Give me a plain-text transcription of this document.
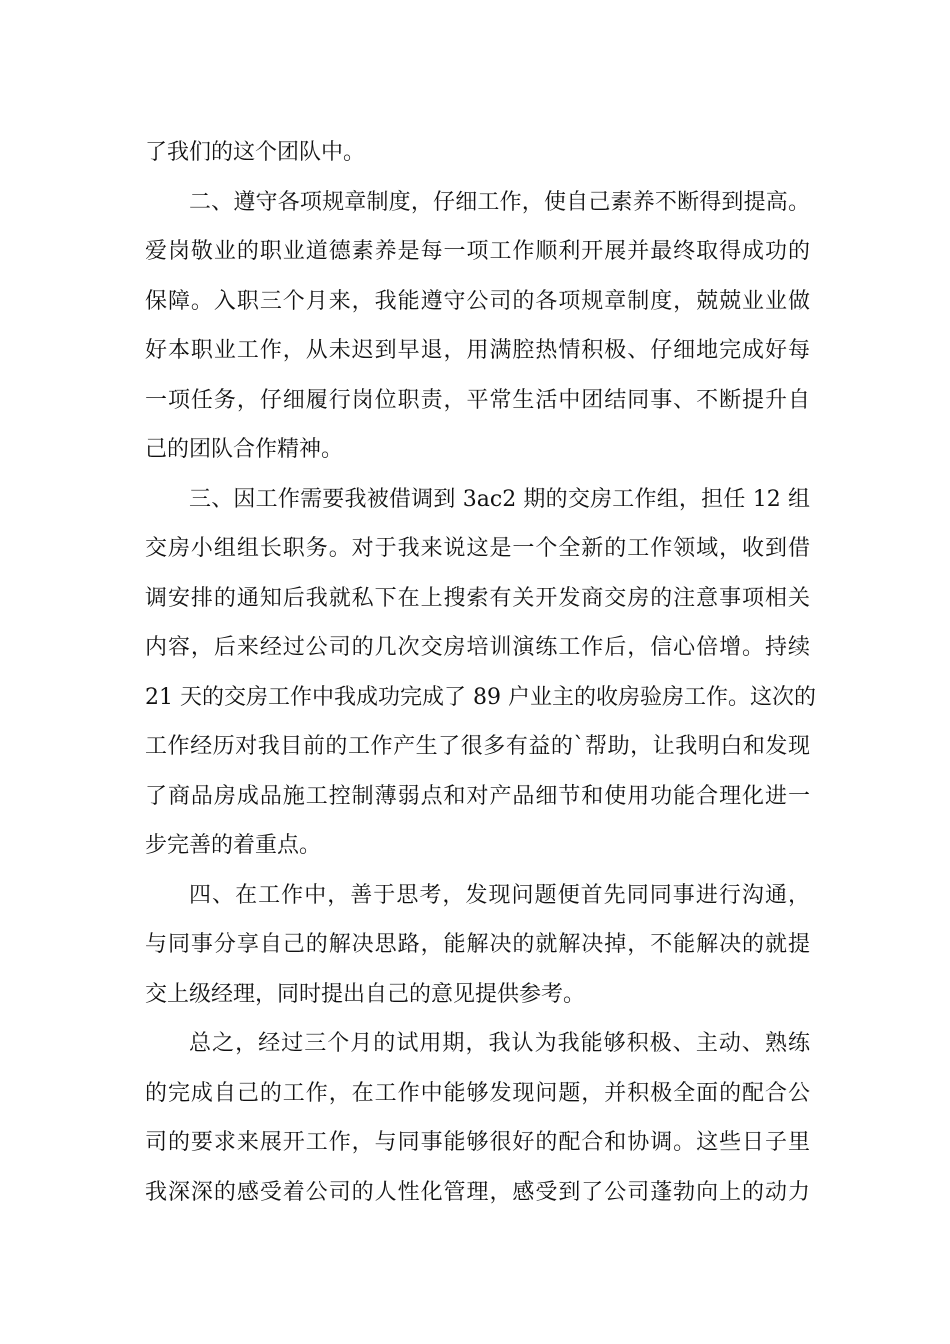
了我们的这个团队中。
二、遵守各项规章制度，仔细工作，使自己素养不断得到提高。
爱岗敬业的职业道德素养是每一项工作顺利开展并最终取得成功的
保障。入职三个月来，我能遵守公司的各项规章制度，兢兢业业做
好本职业工作，从未迟到早退，用满腔热情积极、仔细地完成好每
一项任务，仔细履行岗位职责，平常生活中团结同事、不断提升自
己的团队合作精神。
三、因工作需要我被借调到 3ac2 期的交房工作组，担任 12 组
交房小组组长职务。对于我来说这是一个全新的工作领域，收到借
调安排的通知后我就私下在上搜索有关开发商交房的注意事项相关
内容，后来经过公司的几次交房培训演练工作后，信心倍增。持续
21 天的交房工作中我成功完成了 89 户业主的收房验房工作。这次的
工作经历对我目前的工作产生了很多有益的`帮助，让我明白和发现
了商品房成品施工控制薄弱点和对产品细节和使用功能合理化进一
步完善的着重点。
四、在工作中，善于思考，发现问题便首先同同事进行沟通，
与同事分享自己的解决思路，能解决的就解决掉，不能解决的就提
交上级经理，同时提出自己的意见提供参考。
总之，经过三个月的试用期，我认为我能够积极、主动、熟练
的完成自己的工作，在工作中能够发现问题，并积极全面的配合公
司的要求来展开工作，与同事能够很好的配合和协调。这些日子里
我深深的感受着公司的人性化管理，感受到了公司蓬勃向上的动力
